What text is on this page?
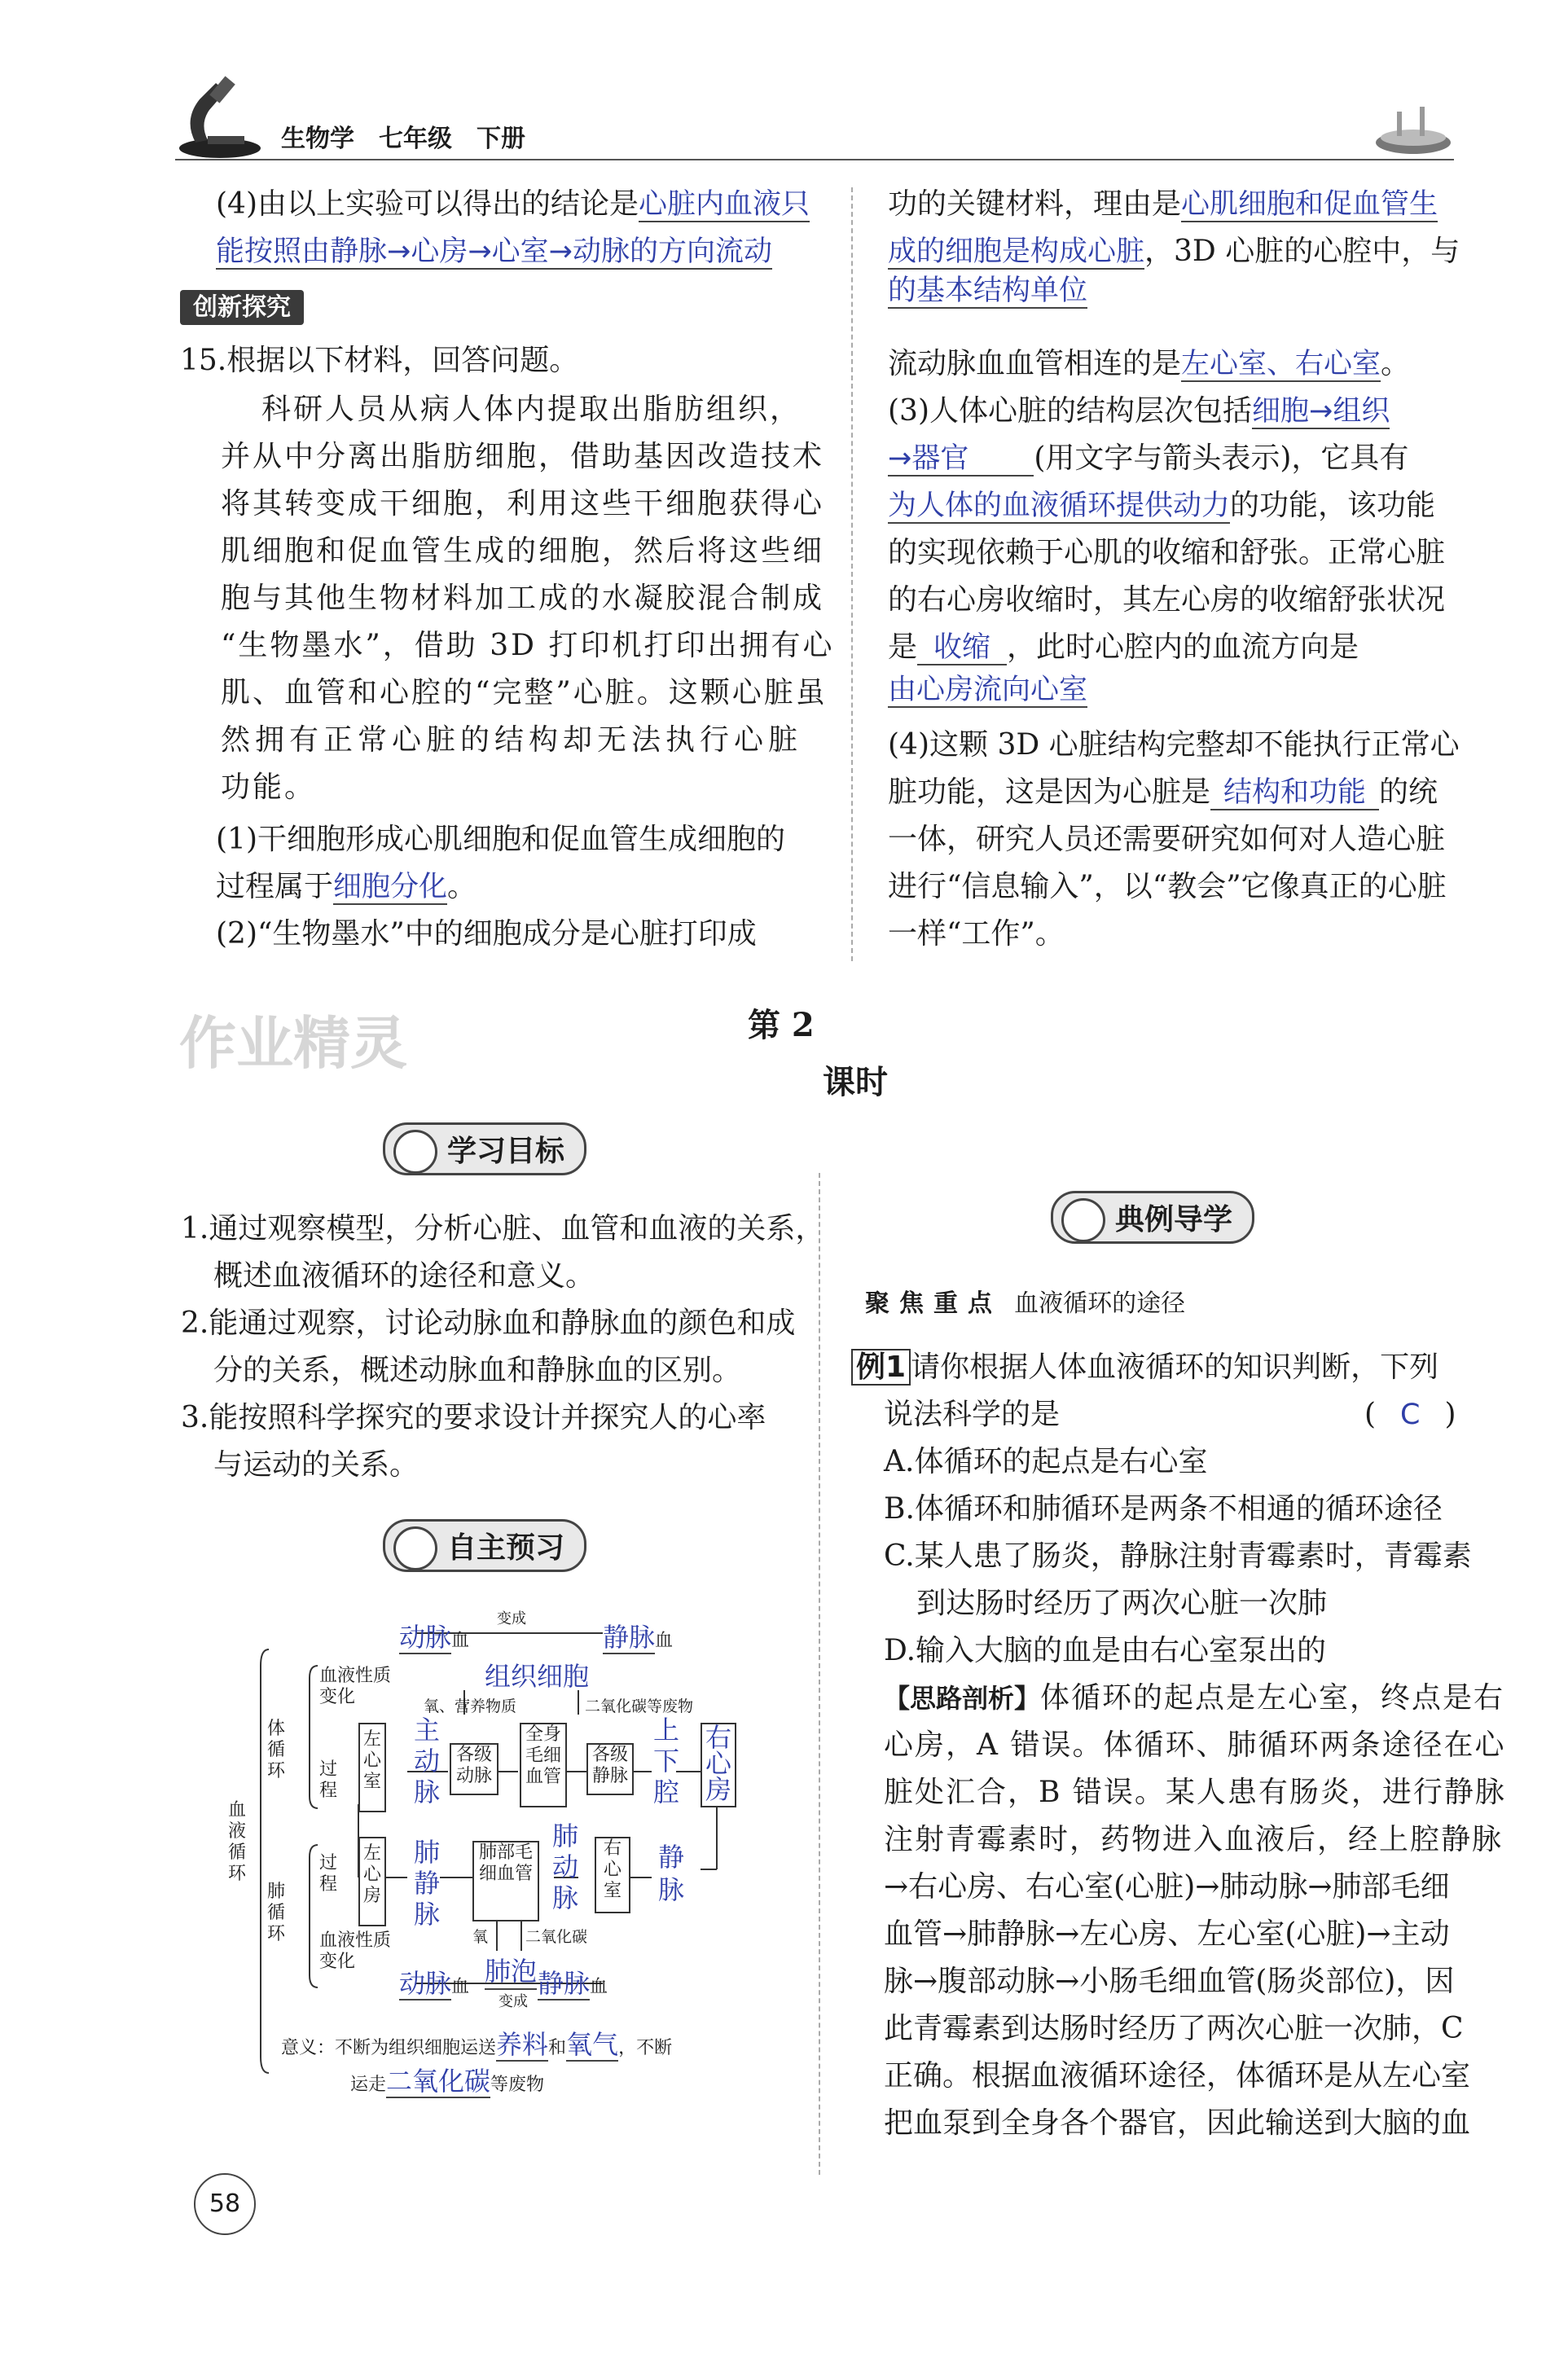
生物学 七年级 下册
(4)由以上实验可以得出的结论是心脏内血液只
能按照由静脉→心房→心室→动脉的方向流动
创新探究
15.根据以下材料，回答问题。
科研人员从病人体内提取出脂肪组织，
并从中分离出脂肪细胞，借助基因改造技术
将其转变成干细胞，利用这些干细胞获得心
肌细胞和促血管生成的细胞，然后将这些细
胞与其他生物材料加工成的水凝胶混合制成
“生物墨水”，借助 3D 打印机打印出拥有心
肌、血管和心腔的“完整”心脏。这颗心脏虽
然拥有正常心脏的结构却无法执行心脏
功能。
(1)干细胞形成心肌细胞和促血管生成细胞的
过程属于细胞分化。
(2)“生物墨水”中的细胞成分是心脏打印成
功的关键材料，理由是心肌细胞和促血管生
成的细胞是构成心脏，3D 心脏的心腔中，与
的基本结构单位
流动脉血血管相连的是左心室、右心室。
(3)人体心脏的结构层次包括细胞→组织
→器官 (用文字与箭头表示)，它具有
为人体的血液循环提供动力的功能，该功能
的实现依赖于心肌的收缩和舒张。正常心脏
的右心房收缩时，其左心房的收缩舒张状况
是 收缩 ，此时心腔内的血流方向是
由心房流向心室
(4)这颗 3D 心脏结构完整却不能执行正常心
脏功能，这是因为心脏是 结构和功能 的统
一体，研究人员还需要研究如何对人造心脏
进行“信息输入”，以“教会”它像真正的心脏
一样“工作”。
作业精灵	第 2
课时
学习目标
1.通过观察模型，分析心脏、血管和血液的关系，
概述血液循环的途径和意义。
2.能通过观察，讨论动脉血和静脉血的颜色和成
分的关系，概述动脉血和静脉血的区别。
3.能按照科学探究的要求设计并探究人的心率
与运动的关系。
自主预习
变成
动脉血	静脉血
组织细胞
氧、营养物质	二氧化碳等废物
体循环
血液性质变化
过程
左心室
主动脉
各级动脉
全身毛细血管
各级静脉
上下腔
右心房
血液循环
肺循环
过程
左心房
肺静脉
肺部毛细血管
肺动脉
右心室
静脉
血液性质变化
氧 二氧化碳
动脉血
肺泡 静脉血
变成
意义：不断为组织细胞运送养料和氧气，不断
运走二氧化碳等废物
典例导学
聚焦重点 血液循环的途径
例1 请你根据人体血液循环的知识判断，下列
说法科学的是	( C )
A.体循环的起点是右心室
B.体循环和肺循环是两条不相通的循环途径
C.某人患了肠炎，静脉注射青霉素时，青霉素
到达肠时经历了两次心脏一次肺
D.输入大脑的血是由右心室泵出的
【思路剖析】体循环的起点是左心室，终点是右
心房，A 错误。体循环、肺循环两条途径在心
脏处汇合，B 错误。某人患有肠炎，进行静脉
注射青霉素时，药物进入血液后，经上腔静脉
→右心房、右心室(心脏)→肺动脉→肺部毛细
血管→肺静脉→左心房、左心室(心脏)→主动
脉→腹部动脉→小肠毛细血管(肠炎部位)，因
此青霉素到达肠时经历了两次心脏一次肺，C
正确。根据血液循环途径，体循环是从左心室
把血泵到全身各个器官，因此输送到大脑的血
58
